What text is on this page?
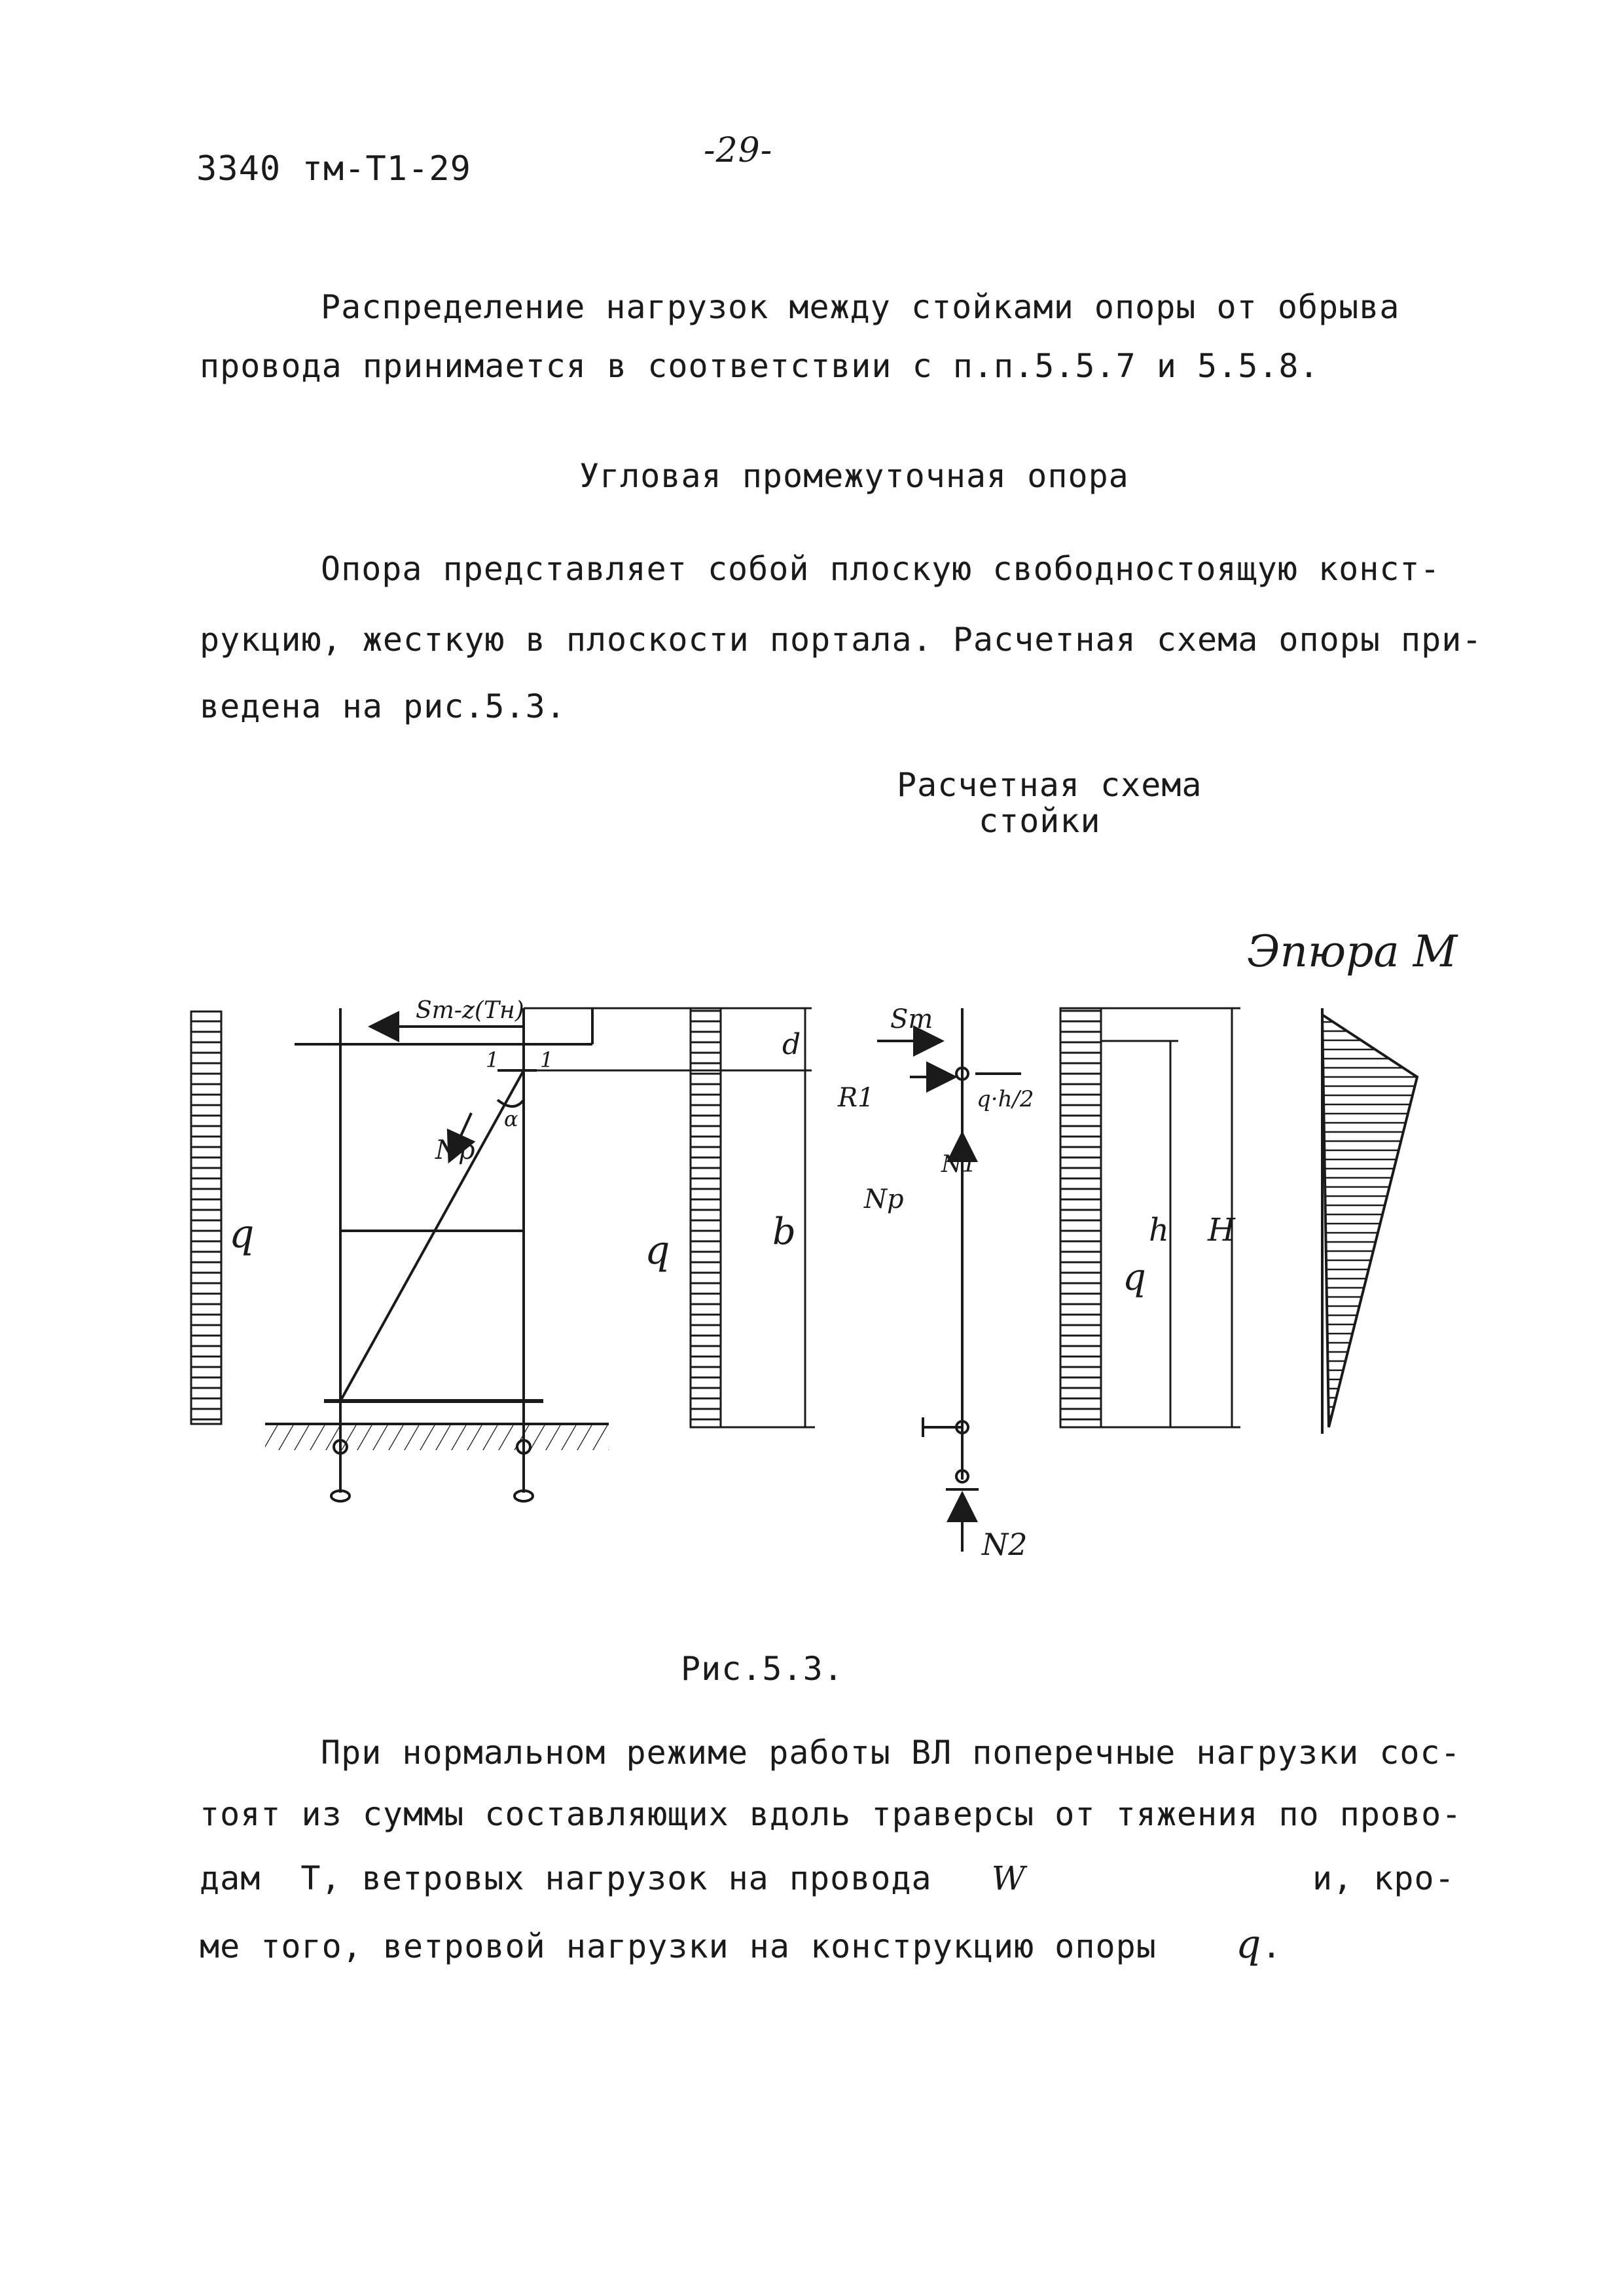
3340 тм-Т1-29	-29-
Распределение нагрузок между стойками опоры от обрыва
провода принимается в соответствии с п.п.5.5.7 и 5.5.8.
Угловая промежуточная опора
Опора представляет собой плоскую свободностоящую конст-
рукцию, жесткую в плоскости портала. Расчетная схема опоры при-
ведена на рис.5.3.
Расчетная схема
стойки
q
Sт-z(Тн)
Nр
α
1 1
q
d
b
Sт
R1	q·h/2
N1
Nр
N2
q
h H
Эпюра М
Рис.5.3.
При нормальном режиме работы ВЛ поперечные нагрузки сос-
тоят из суммы составляющих вдоль траверсы от тяжения по прово-
дам Т, ветровых нагрузок на провода W	и, кро-
ме того, ветровой нагрузки на конструкцию опоры q.
